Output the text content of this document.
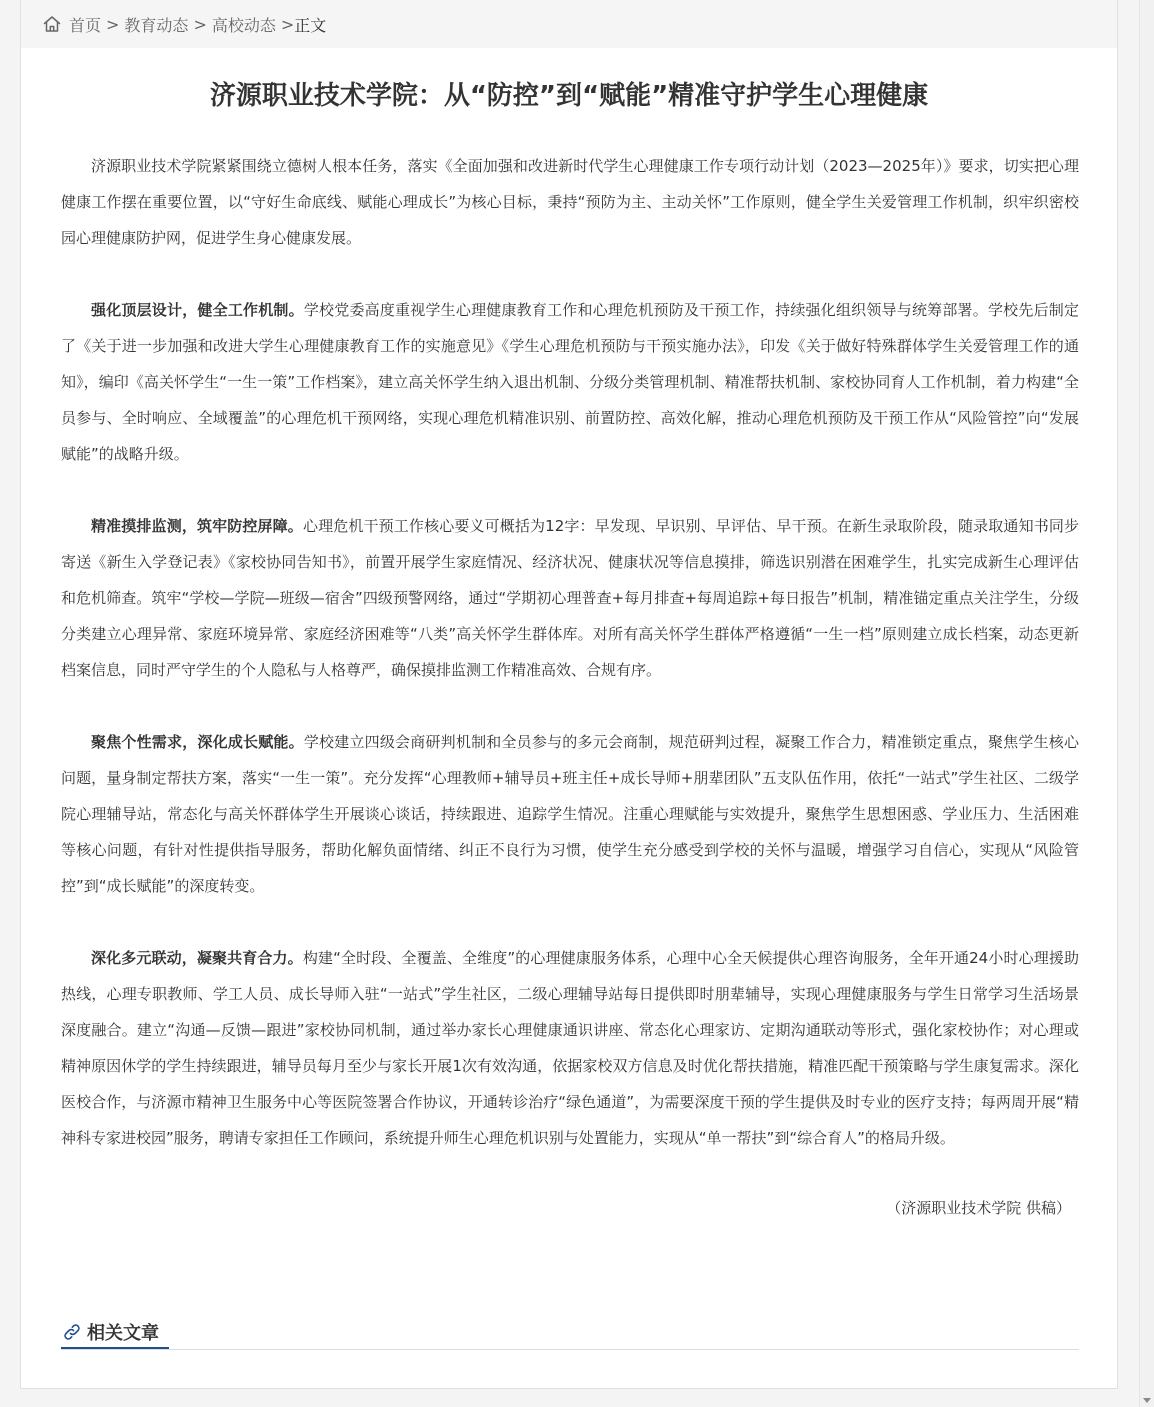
首页 > 教育动态 > 高校动态 > 正文
济源职业技术学院：从“防控”到“赋能”精准守护学生心理健康

济源职业技术学院紧紧围绕立德树人根本任务，落实《全面加强和改进新时代学生心理健康工作专项行动计划（2023—2025年）》要求，切实把心理健康工作摆在重要位置，以“守好生命底线、赋能心理成长”为核心目标，秉持“预防为主、主动关怀”工作原则，健全学生关爱管理工作机制，织牢织密校园心理健康防护网，促进学生身心健康发展。

强化顶层设计，健全工作机制。学校党委高度重视学生心理健康教育工作和心理危机预防及干预工作，持续强化组织领导与统筹部署。学校先后制定了《关于进一步加强和改进大学生心理健康教育工作的实施意见》《学生心理危机预防与干预实施办法》，印发《关于做好特殊群体学生关爱管理工作的通知》，编印《高关怀学生“一生一策”工作档案》，建立高关怀学生纳入退出机制、分级分类管理机制、精准帮扶机制、家校协同育人工作机制，着力构建“全员参与、全时响应、全域覆盖”的心理危机干预网络，实现心理危机精准识别、前置防控、高效化解，推动心理危机预防及干预工作从“风险管控”向“发展赋能”的战略升级。

精准摸排监测，筑牢防控屏障。心理危机干预工作核心要义可概括为12字：早发现、早识别、早评估、早干预。在新生录取阶段，随录取通知书同步寄送《新生入学登记表》《家校协同告知书》，前置开展学生家庭情况、经济状况、健康状况等信息摸排，筛选识别潜在困难学生，扎实完成新生心理评估和危机筛查。筑牢“学校—学院—班级—宿舍”四级预警网络，通过“学期初心理普查+每月排查+每周追踪+每日报告”机制，精准锚定重点关注学生，分级分类建立心理异常、家庭环境异常、家庭经济困难等“八类”高关怀学生群体库。对所有高关怀学生群体严格遵循“一生一档”原则建立成长档案，动态更新档案信息，同时严守学生的个人隐私与人格尊严，确保摸排监测工作精准高效、合规有序。

聚焦个性需求，深化成长赋能。学校建立四级会商研判机制和全员参与的多元会商制，规范研判过程，凝聚工作合力，精准锁定重点，聚焦学生核心问题，量身制定帮扶方案，落实“一生一策”。充分发挥“心理教师+辅导员+班主任+成长导师+朋辈团队”五支队伍作用，依托“一站式”学生社区、二级学院心理辅导站，常态化与高关怀群体学生开展谈心谈话，持续跟进、追踪学生情况。注重心理赋能与实效提升，聚焦学生思想困惑、学业压力、生活困难等核心问题，有针对性提供指导服务，帮助化解负面情绪、纠正不良行为习惯，使学生充分感受到学校的关怀与温暖，增强学习自信心，实现从“风险管控”到“成长赋能”的深度转变。

深化多元联动，凝聚共育合力。构建“全时段、全覆盖、全维度”的心理健康服务体系，心理中心全天候提供心理咨询服务，全年开通24小时心理援助热线，心理专职教师、学工人员、成长导师入驻“一站式”学生社区，二级心理辅导站每日提供即时朋辈辅导，实现心理健康服务与学生日常学习生活场景深度融合。建立“沟通—反馈—跟进”家校协同机制，通过举办家长心理健康通识讲座、常态化心理家访、定期沟通联动等形式，强化家校协作；对心理或精神原因休学的学生持续跟进，辅导员每月至少与家长开展1次有效沟通，依据家校双方信息及时优化帮扶措施，精准匹配干预策略与学生康复需求。深化医校合作，与济源市精神卫生服务中心等医院签署合作协议，开通转诊治疗“绿色通道”，为需要深度干预的学生提供及时专业的医疗支持；每两周开展“精神科专家进校园”服务，聘请专家担任工作顾问，系统提升师生心理危机识别与处置能力，实现从“单一帮扶”到“综合育人”的格局升级。

（济源职业技术学院 供稿）
相关文章
